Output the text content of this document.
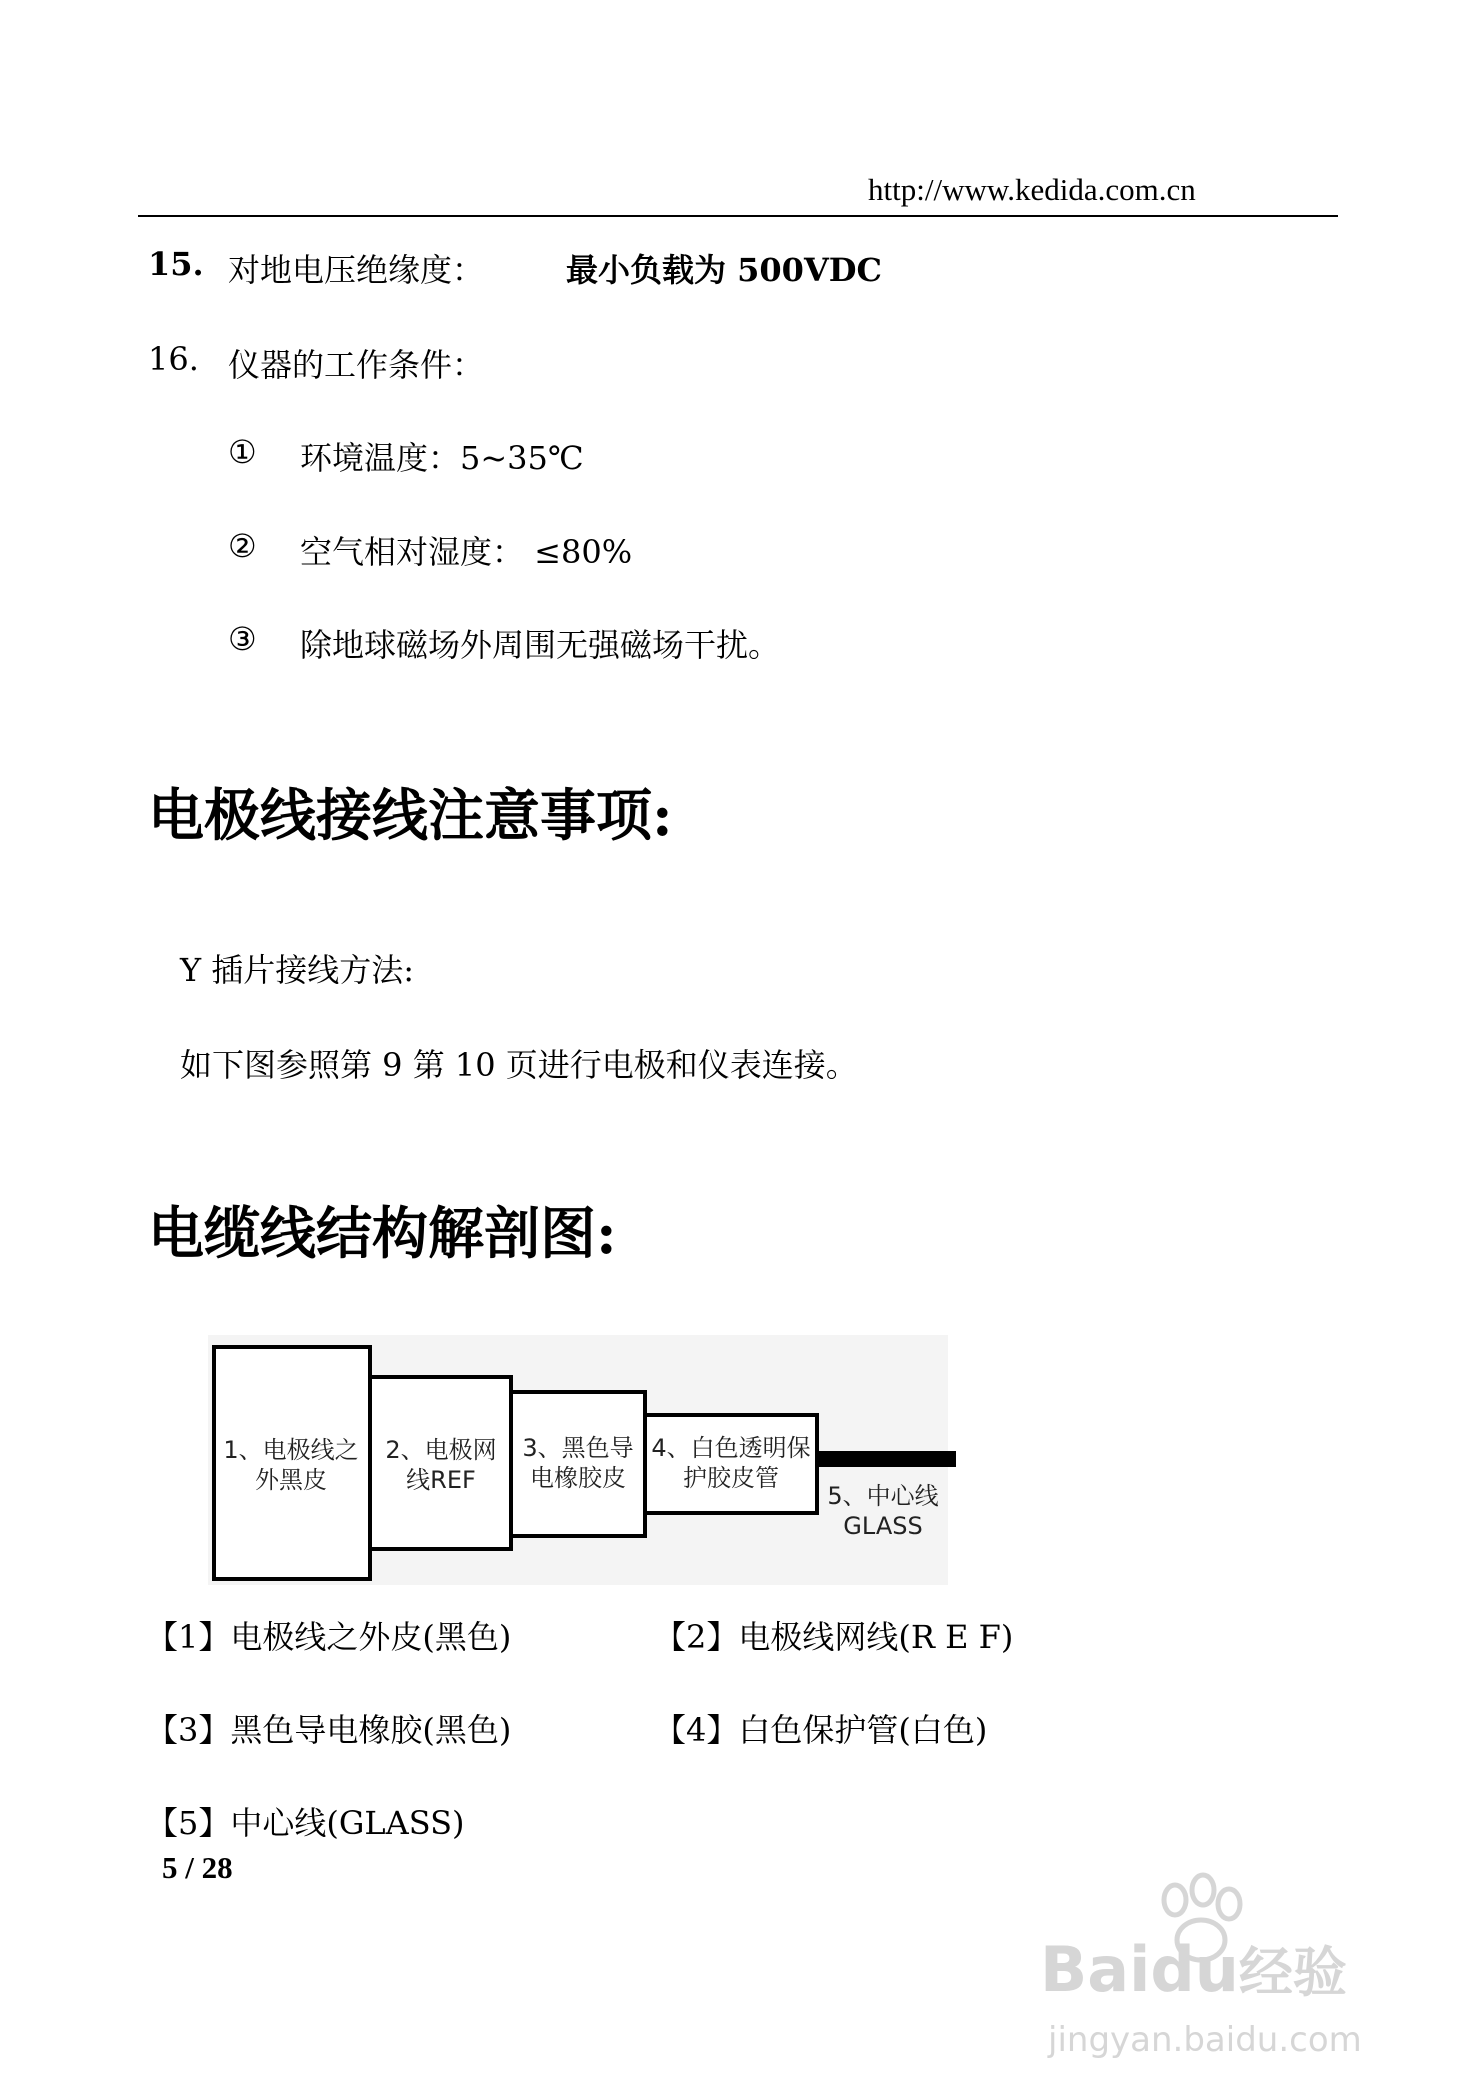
http://www.kedida.com.cn
15. 对地电压绝缘度：	最小负载为 500VDC
16. 仪器的工作条件：
① 环境温度：5~35℃
② 空气相对湿度： ≤80%
③ 除地球磁场外周围无强磁场干扰。
电极线接线注意事项:
Y 插片接线方法:
如下图参照第 9 第 10 页进行电极和仪表连接。
电缆线结构解剖图:
1、电极线之
外黑皮
2、电极网
线REF
3、黑色导
电橡胶皮
4、白色透明保
护胶皮管
5、中心线
GLASS
【1】电极线之外皮(黑色)	【2】电极线网线(R E F)
【3】黑色导电橡胶(黑色)	【4】白色保护管(白色)
【5】中心线(GLASS)
5 / 28
Baidu经验
jingyan.baidu.com
